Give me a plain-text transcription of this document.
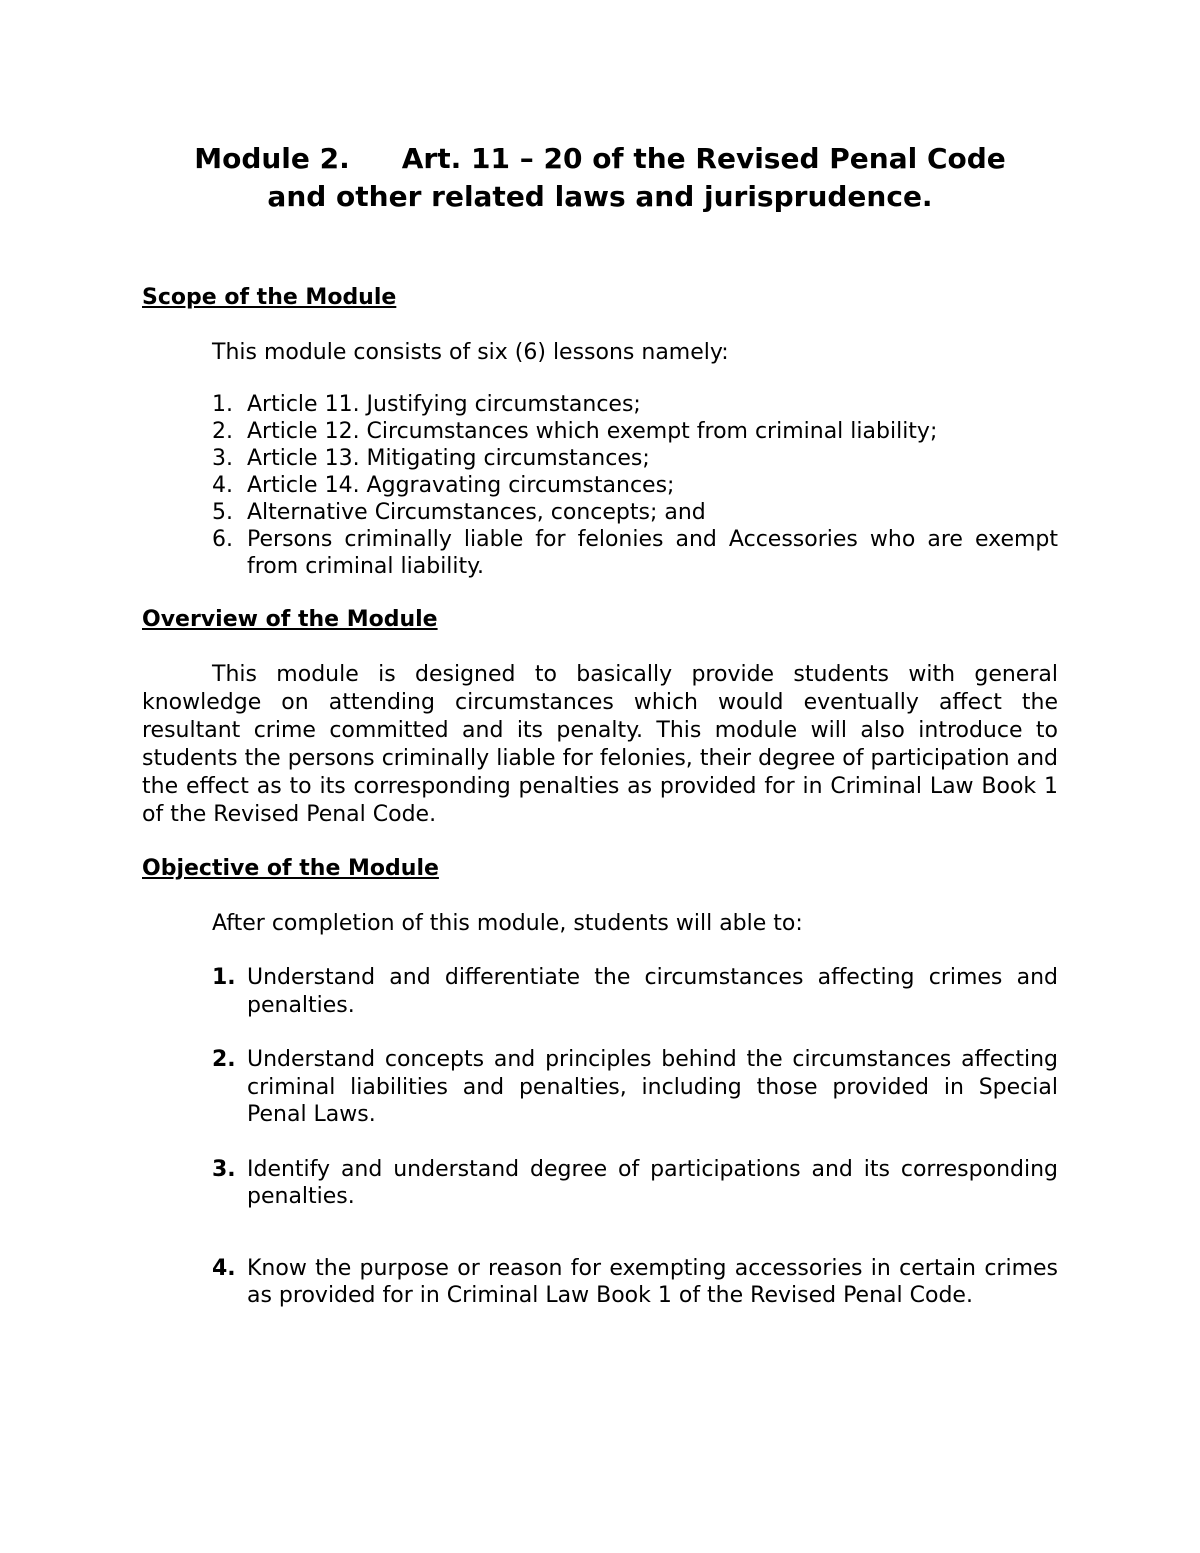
Module 2. Art. 11 – 20 of the Revised Penal Code
and other related laws and jurisprudence.
Scope of the Module

This module consists of six (6) lessons namely:

1. Article 11. Justifying circumstances;
2. Article 12. Circumstances which exempt from criminal liability;
3. Article 13. Mitigating circumstances;
4. Article 14. Aggravating circumstances;
5. Alternative Circumstances, concepts; and
6. Persons criminally liable for felonies and Accessories who are exempt from criminal liability.
Overview of the Module

This module is designed to basically provide students with general knowledge on attending circumstances which would eventually affect the resultant crime committed and its penalty. This module will also introduce to students the persons criminally liable for felonies, their degree of participation and the effect as to its corresponding penalties as provided for in Criminal Law Book 1 of the Revised Penal Code.

Objective of the Module

After completion of this module, students will able to:

1. Understand and differentiate the circumstances affecting crimes and penalties.
2. Understand concepts and principles behind the circumstances affecting criminal liabilities and penalties, including those provided in Special Penal Laws.
3. Identify and understand degree of participations and its corresponding penalties.
4. Know the purpose or reason for exempting accessories in certain crimes as provided for in Criminal Law Book 1 of the Revised Penal Code.
